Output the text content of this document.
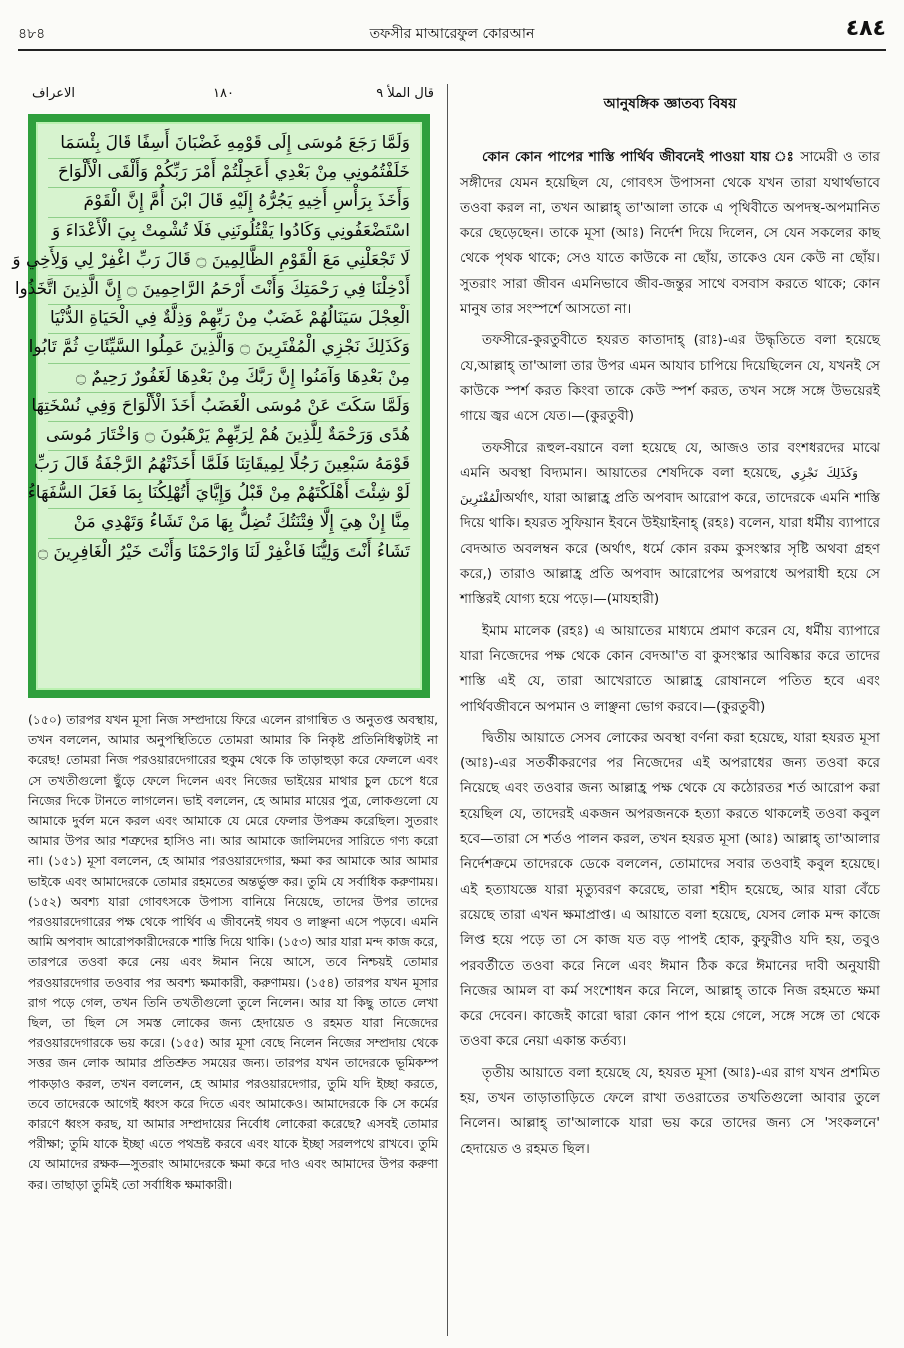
৪৮৪	তফসীর মাআরেফুল কোরআন	٤٨٤
الاعراف	١٨٠	قال الملأ ٩
وَلَمَّا رَجَعَ مُوسَى إِلَى قَوْمِهِ غَضْبَانَ أَسِفًا قَالَ بِئْسَمَا
خَلَفْتُمُونِي مِنْ بَعْدِي أَعَجِلْتُمْ أَمْرَ رَبِّكُمْ وَأَلْقَى الْأَلْوَاحَ
وَأَخَذَ بِرَأْسِ أَخِيهِ يَجُرُّهُ إِلَيْهِ قَالَ ابْنَ أُمَّ إِنَّ الْقَوْمَ
اسْتَضْعَفُونِي وَكَادُوا يَقْتُلُونَنِي فَلَا تُشْمِتْ بِيَ الْأَعْدَاءَ وَ
لَا تَجْعَلْنِي مَعَ الْقَوْمِ الظَّالِمِينَ ۝ قَالَ رَبِّ اغْفِرْ لِي وَلِأَخِي وَ
أَدْخِلْنَا فِي رَحْمَتِكَ وَأَنْتَ أَرْحَمُ الرَّاحِمِينَ ۝ إِنَّ الَّذِينَ اتَّخَذُوا
الْعِجْلَ سَيَنَالُهُمْ غَضَبٌ مِنْ رَبِّهِمْ وَذِلَّةٌ فِي الْحَيَاةِ الدُّنْيَا
وَكَذَلِكَ نَجْزِي الْمُفْتَرِينَ ۝ وَالَّذِينَ عَمِلُوا السَّيِّئَاتِ ثُمَّ تَابُوا
مِنْ بَعْدِهَا وَآمَنُوا إِنَّ رَبَّكَ مِنْ بَعْدِهَا لَغَفُورٌ رَحِيمٌ ۝
وَلَمَّا سَكَتَ عَنْ مُوسَى الْغَضَبُ أَخَذَ الْأَلْوَاحَ وَفِي نُسْخَتِهَا
هُدًى وَرَحْمَةٌ لِلَّذِينَ هُمْ لِرَبِّهِمْ يَرْهَبُونَ ۝ وَاخْتَارَ مُوسَى
قَوْمَهُ سَبْعِينَ رَجُلًا لِمِيقَاتِنَا فَلَمَّا أَخَذَتْهُمُ الرَّجْفَةُ قَالَ رَبِّ
لَوْ شِئْتَ أَهْلَكْتَهُمْ مِنْ قَبْلُ وَإِيَّايَ أَتُهْلِكُنَا بِمَا فَعَلَ السُّفَهَاءُ
مِنَّا إِنْ هِيَ إِلَّا فِتْنَتُكَ تُضِلُّ بِهَا مَنْ تَشَاءُ وَتَهْدِي مَنْ
تَشَاءُ أَنْتَ وَلِيُّنَا فَاغْفِرْ لَنَا وَارْحَمْنَا وَأَنْتَ خَيْرُ الْغَافِرِينَ ۝
(১৫০) তারপর যখন মূসা নিজ সম্প্রদায়ে ফিরে এলেন রাগান্বিত ও অনুতপ্ত অবস্থায়, তখন বললেন, আমার অনুপস্থিতিতে তোমরা আমার কি নিকৃষ্ট প্রতিনিধিত্বটাই না করেছ! তোমরা নিজ পরওয়ারদেগারের হুকুম থেকে কি তাড়াহুড়া করে ফেললে এবং সে তখতীগুলো ছুঁড়ে ফেলে দিলেন এবং নিজের ভাইয়ের মাথার চুল চেপে ধরে নিজের দিকে টানতে লাগলেন। ভাই বললেন, হে আমার মায়ের পুত্র, লোকগুলো যে আমাকে দুর্বল মনে করল এবং আমাকে যে মেরে ফেলার উপক্রম করেছিল। সুতরাং আমার উপর আর শত্রুদের হাসিও না। আর আমাকে জালিমদের সারিতে গণ্য করো না। (১৫১) মূসা বললেন, হে আমার পরওয়ারদেগার, ক্ষমা কর আমাকে আর আমার ভাইকে এবং আমাদেরকে তোমার রহমতের অন্তর্ভুক্ত কর। তুমি যে সর্বাধিক করুণাময়। (১৫২) অবশ্য যারা গোবৎসকে উপাস্য বানিয়ে নিয়েছে, তাদের উপর তাদের পরওয়ারদেগারের পক্ষ থেকে পার্থিব এ জীবনেই গযব ও লাঞ্ছনা এসে পড়বে। এমনি আমি অপবাদ আরোপকারীদেরকে শাস্তি দিয়ে থাকি। (১৫৩) আর যারা মন্দ কাজ করে, তারপরে তওবা করে নেয় এবং ঈমান নিয়ে আসে, তবে নিশ্চয়ই তোমার পরওয়ারদেগার তওবার পর অবশ্য ক্ষমাকারী, করুণাময়। (১৫৪) তারপর যখন মূসার রাগ পড়ে গেল, তখন তিনি তখতীগুলো তুলে নিলেন। আর যা কিছু তাতে লেখা ছিল, তা ছিল সে সমস্ত লোকের জন্য হেদায়েত ও রহমত যারা নিজেদের পরওয়ারদেগারকে ভয় করে। (১৫৫) আর মূসা বেছে নিলেন নিজের সম্প্রদায় থেকে সত্তর জন লোক আমার প্রতিশ্রুত সময়ের জন্য। তারপর যখন তাদেরকে ভূমিকম্প পাকড়াও করল, তখন বললেন, হে আমার পরওয়ারদেগার, তুমি যদি ইচ্ছা করতে, তবে তাদেরকে আগেই ধ্বংস করে দিতে এবং আমাকেও। আমাদেরকে কি সে কর্মের কারণে ধ্বংস করছ, যা আমার সম্প্রদায়ের নির্বোধ লোকেরা করেছে? এসবই তোমার পরীক্ষা; তুমি যাকে ইচ্ছা এতে পথভ্রষ্ট করবে এবং যাকে ইচ্ছা সরলপথে রাখবে। তুমি যে আমাদের রক্ষক—সুতরাং আমাদেরকে ক্ষমা করে দাও এবং আমাদের উপর করুণা কর। তাছাড়া তুমিই তো সর্বাধিক ক্ষমাকারী।
আনুষঙ্গিক জ্ঞাতব্য বিষয়

কোন কোন পাপের শাস্তি পার্থিব জীবনেই পাওয়া যায় ঃ সামেরী ও তার সঙ্গীদের যেমন হয়েছিল যে, গোবৎস উপাসনা থেকে যখন তারা যথার্থভাবে তওবা করল না, তখন আল্লাহ্ তা'আলা তাকে এ পৃথিবীতে অপদস্থ-অপমানিত করে ছেড়েছেন। তাকে মূসা (আঃ) নির্দেশ দিয়ে দিলেন, সে যেন সকলের কাছ থেকে পৃথক থাকে; সেও যাতে কাউকে না ছোঁয়, তাকেও যেন কেউ না ছোঁয়। সুতরাং সারা জীবন এমনিভাবে জীব-জন্তুর সাথে বসবাস করতে থাকে; কোন মানুষ তার সংস্পর্শে আসতো না।

তফসীরে-কুরতুবীতে হযরত কাতাদাহ্ (রাঃ)-এর উদ্ধৃতিতে বলা হয়েছে যে,আল্লাহ্ তা'আলা তার উপর এমন আযাব চাপিয়ে দিয়েছিলেন যে, যখনই সে কাউকে স্পর্শ করত কিংবা তাকে কেউ স্পর্শ করত, তখন সঙ্গে সঙ্গে উভয়েরই গায়ে জ্বর এসে যেত।—(কুরতুবী)

তফসীরে রূহুল-বয়ানে বলা হয়েছে যে, আজও তার বংশধরদের মাঝে এমনি অবস্থা বিদ্যমান। আয়াতের শেষদিকে বলা হয়েছে, وَكَذَلِكَ نَجْزِي الْمُفْتَرِينَঅর্থাৎ, যারা আল্লাহ্র প্রতি অপবাদ আরোপ করে, তাদেরকে এমনি শাস্তি দিয়ে থাকি। হযরত সুফিয়ান ইবনে উইয়াইনাহ্ (রহঃ) বলেন, যারা ধর্মীয় ব্যাপারে বেদআত অবলম্বন করে (অর্থাৎ, ধর্মে কোন রকম কুসংস্কার সৃষ্টি অথবা গ্রহণ করে,) তারাও আল্লাহ্র প্রতি অপবাদ আরোপের অপরাধে অপরাধী হয়ে সে শাস্তিরই যোগ্য হয়ে পড়ে।—(মাযহারী)

ইমাম মালেক (রহঃ) এ আয়াতের মাধ্যমে প্রমাণ করেন যে, ধর্মীয় ব্যাপারে যারা নিজেদের পক্ষ থেকে কোন বেদআ'ত বা কুসংস্কার আবিষ্কার করে তাদের শাস্তি এই যে, তারা আখেরাতে আল্লাহ্র রোষানলে পতিত হবে এবং পার্থিবজীবনে অপমান ও লাঞ্ছনা ভোগ করবে।—(কুরতুবী)

দ্বিতীয় আয়াতে সেসব লোকের অবস্থা বর্ণনা করা হয়েছে, যারা হযরত মূসা (আঃ)-এর সতর্কীকরণের পর নিজেদের এই অপরাধের জন্য তওবা করে নিয়েছে এবং তওবার জন্য আল্লাহ্র পক্ষ থেকে যে কঠোরতর শর্ত আরোপ করা হয়েছিল যে, তাদেরই একজন অপরজনকে হত্যা করতে থাকলেই তওবা কবুল হবে—তারা সে শর্তও পালন করল, তখন হযরত মূসা (আঃ) আল্লাহ্ তা'আলার নির্দেশক্রমে তাদেরকে ডেকে বললেন, তোমাদের সবার তওবাই কবুল হয়েছে। এই হত্যাযজ্ঞে যারা মৃত্যুবরণ করেছে, তারা শহীদ হয়েছে, আর যারা বেঁচে রয়েছে তারা এখন ক্ষমাপ্রাপ্ত। এ আয়াতে বলা হয়েছে, যেসব লোক মন্দ কাজে লিপ্ত হয়ে পড়ে তা সে কাজ যত বড় পাপই হোক, কুফুরীও যদি হয়, তবুও পরবর্তীতে তওবা করে নিলে এবং ঈমান ঠিক করে ঈমানের দাবী অনুযায়ী নিজের আমল বা কর্ম সংশোধন করে নিলে, আল্লাহ্ তাকে নিজ রহমতে ক্ষমা করে দেবেন। কাজেই কারো দ্বারা কোন পাপ হয়ে গেলে, সঙ্গে সঙ্গে তা থেকে তওবা করে নেয়া একান্ত কর্তব্য।

তৃতীয় আয়াতে বলা হয়েছে যে, হযরত মূসা (আঃ)-এর রাগ যখন প্রশমিত হয়, তখন তাড়াতাড়িতে ফেলে রাখা তওরাতের তখতিগুলো আবার তুলে নিলেন। আল্লাহ্ তা'আলাকে যারা ভয় করে তাদের জন্য সে 'সংকলনে' হেদায়েত ও রহমত ছিল।
